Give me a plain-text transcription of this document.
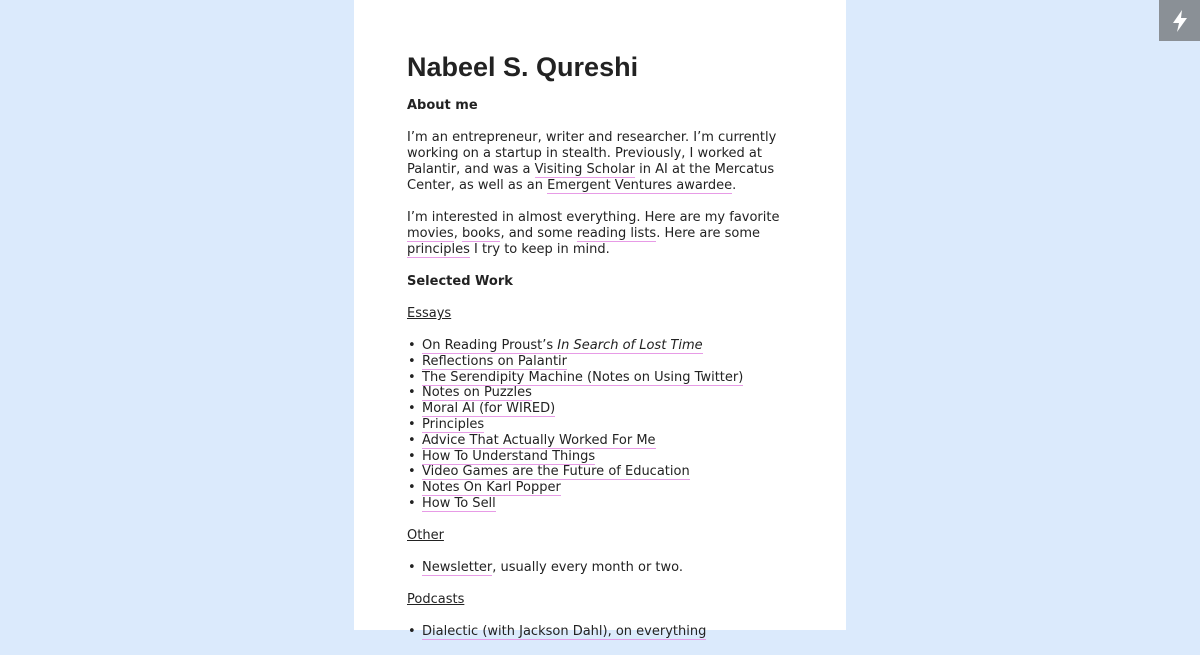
Nabeel S. Qureshi
About me

I’m an entrepreneur, writer and researcher. I’m currently working on a startup in stealth. Previously, I worked at Palantir, and was a Visiting Scholar in AI at the Mercatus Center, as well as an Emergent Ventures awardee.

I’m interested in almost everything. Here are my favorite movies, books, and some reading lists. Here are some principles I try to keep in mind.

Selected Work
Essays
• On Reading Proust’s In Search of Lost Time
• Reflections on Palantir
• The Serendipity Machine (Notes on Using Twitter)
• Notes on Puzzles
• Moral AI (for WIRED)
• Principles
• Advice That Actually Worked For Me
• How To Understand Things
• Video Games are the Future of Education
• Notes On Karl Popper
• How To Sell
Other
• Newsletter, usually every month or two.
Podcasts
• Dialectic (with Jackson Dahl), on everything
